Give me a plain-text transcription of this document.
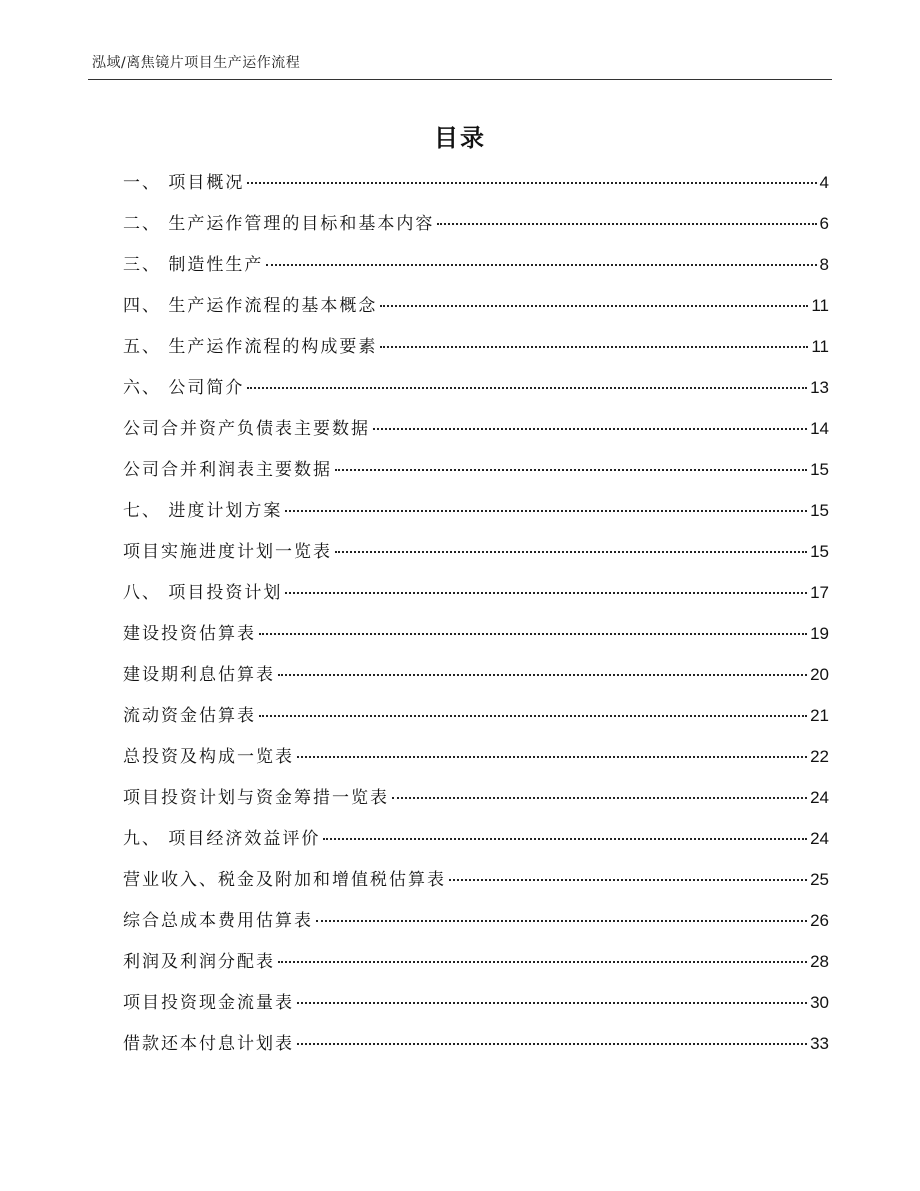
泓域/离焦镜片项目生产运作流程
目录
一、 项目概况	4
二、 生产运作管理的目标和基本内容	6
三、 制造性生产	8
四、 生产运作流程的基本概念	11
五、 生产运作流程的构成要素	11
六、 公司简介	13
公司合并资产负债表主要数据	14
公司合并利润表主要数据	15
七、 进度计划方案	15
项目实施进度计划一览表	15
八、 项目投资计划	17
建设投资估算表	19
建设期利息估算表	20
流动资金估算表	21
总投资及构成一览表	22
项目投资计划与资金筹措一览表	24
九、 项目经济效益评价	24
营业收入、税金及附加和增值税估算表	25
综合总成本费用估算表	26
利润及利润分配表	28
项目投资现金流量表	30
借款还本付息计划表	33
